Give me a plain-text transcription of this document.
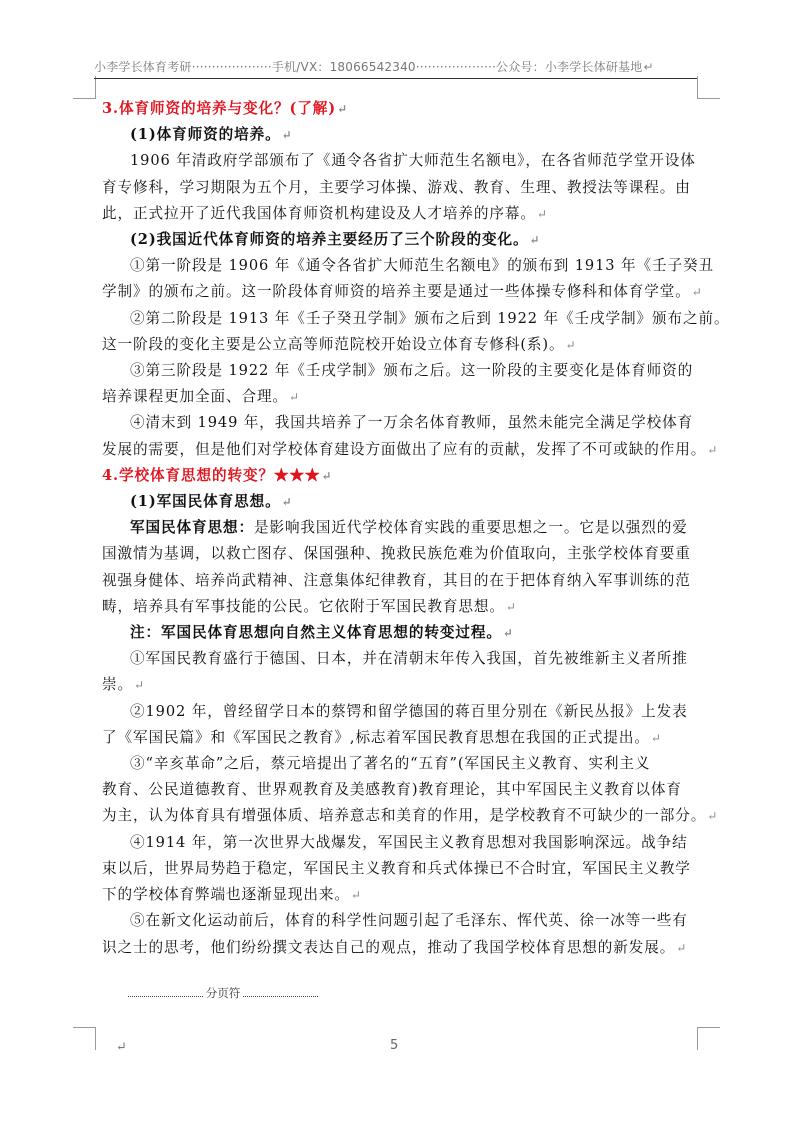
小李学长体育考研····················手机/VX：18066542340····················公众号：小李学长体研基地↵
3.体育师资的培养与变化？(了解)↵
(1)体育师资的培养。↵
1906 年清政府学部颁布了《通令各省扩大师范生名额电》，在各省师范学堂开设体
育专修科，学习期限为五个月，主要学习体操、游戏、教育、生理、教授法等课程。由
此，正式拉开了近代我国体育师资机构建设及人才培养的序幕。↵
(2)我国近代体育师资的培养主要经历了三个阶段的变化。↵
①第一阶段是 1906 年《通令各省扩大师范生名额电》的颁布到 1913 年《壬子癸丑
学制》的颁布之前。这一阶段体育师资的培养主要是通过一些体操专修科和体育学堂。↵
②第二阶段是 1913 年《壬子癸丑学制》颁布之后到 1922 年《壬戌学制》颁布之前。
这一阶段的变化主要是公立高等师范院校开始设立体育专修科(系)。↵
③第三阶段是 1922 年《壬戌学制》颁布之后。这一阶段的主要变化是体育师资的
培养课程更加全面、合理。↵
④清末到 1949 年，我国共培养了一万余名体育教师，虽然未能完全满足学校体育
发展的需要，但是他们对学校体育建设方面做出了应有的贡献，发挥了不可或缺的作用。↵
4.学校体育思想的转变？★★★↵
(1)军国民体育思想。↵
军国民体育思想：是影响我国近代学校体育实践的重要思想之一。它是以强烈的爱
国激情为基调，以救亡图存、保国强种、挽救民族危难为价值取向，主张学校体育要重
视强身健体、培养尚武精神、注意集体纪律教育，其目的在于把体育纳入军事训练的范
畴，培养具有军事技能的公民。它依附于军国民教育思想。↵
注：军国民体育思想向自然主义体育思想的转变过程。↵
①军国民教育盛行于德国、日本，并在清朝末年传入我国，首先被维新主义者所推
崇。↵
②1902 年，曾经留学日本的蔡锷和留学德国的蒋百里分别在《新民丛报》上发表
了《军国民篇》和《军国民之教育》,标志着军国民教育思想在我国的正式提出。↵
③“辛亥革命”之后，蔡元培提出了著名的“五育”(军国民主义教育、实利主义
教育、公民道德教育、世界观教育及美感教育)教育理论，其中军国民主义教育以体育
为主，认为体育具有增强体质、培养意志和美育的作用，是学校教育不可缺少的一部分。↵
④1914 年，第一次世界大战爆发，军国民主义教育思想对我国影响深远。战争结
束以后，世界局势趋于稳定，军国民主义教育和兵式体操已不合时宜，军国民主义教学
下的学校体育弊端也逐渐显现出来。↵
⑤在新文化运动前后，体育的科学性问题引起了毛泽东、恽代英、徐一冰等一些有
识之士的思考，他们纷纷撰文表达自己的观点，推动了我国学校体育思想的新发展。↵
分页符
↵	5
